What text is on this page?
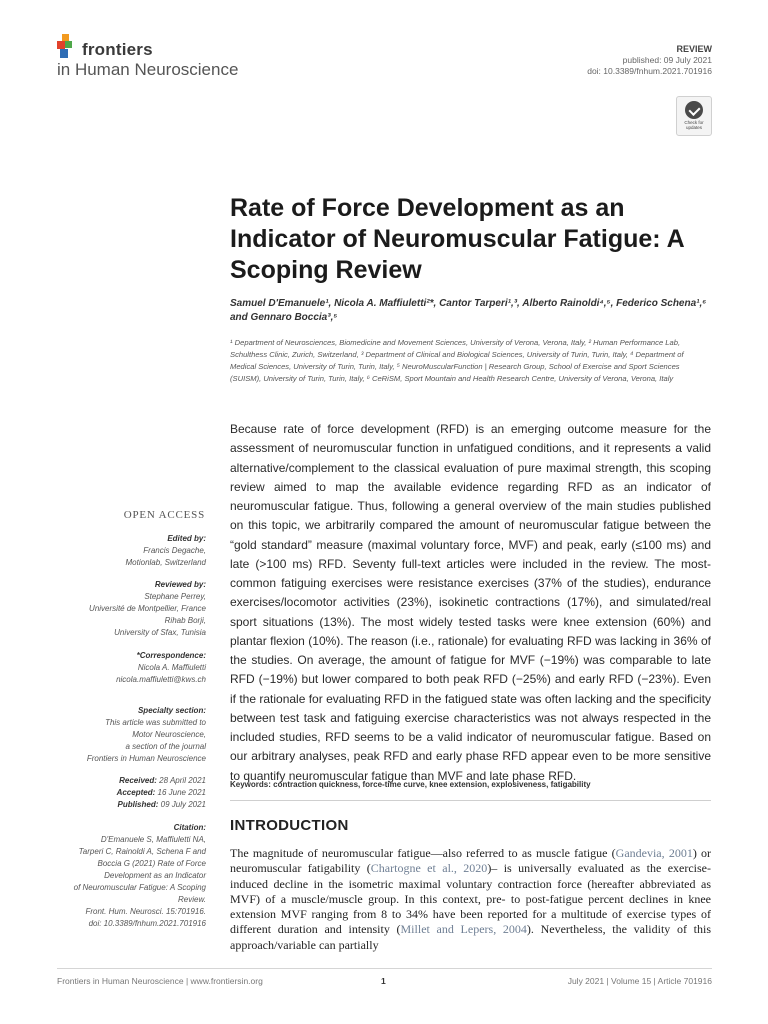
frontiers
in Human Neuroscience
REVIEW
published: 09 July 2021
doi: 10.3389/fnhum.2021.701916
Check for updates
Rate of Force Development as an Indicator of Neuromuscular Fatigue: A Scoping Review
Samuel D'Emanuele¹, Nicola A. Maffiuletti²*, Cantor Tarperi¹,³, Alberto Rainoldi⁴,⁵, Federico Schena¹,⁶ and Gennaro Boccia³,⁵
¹ Department of Neurosciences, Biomedicine and Movement Sciences, University of Verona, Verona, Italy, ² Human Performance Lab, Schulthess Clinic, Zurich, Switzerland, ³ Department of Clinical and Biological Sciences, University of Turin, Turin, Italy, ⁴ Department of Medical Sciences, University of Turin, Turin, Italy, ⁵ NeuroMuscularFunction | Research Group, School of Exercise and Sport Sciences (SUISM), University of Turin, Turin, Italy, ⁶ CeRiSM, Sport Mountain and Health Research Centre, University of Verona, Verona, Italy
Because rate of force development (RFD) is an emerging outcome measure for the assessment of neuromuscular function in unfatigued conditions, and it represents a valid alternative/complement to the classical evaluation of pure maximal strength, this scoping review aimed to map the available evidence regarding RFD as an indicator of neuromuscular fatigue. Thus, following a general overview of the main studies published on this topic, we arbitrarily compared the amount of neuromuscular fatigue between the “gold standard” measure (maximal voluntary force, MVF) and peak, early (≤100 ms) and late (>100 ms) RFD. Seventy full-text articles were included in the review. The most-common fatiguing exercises were resistance exercises (37% of the studies), endurance exercises/locomotor activities (23%), isokinetic contractions (17%), and simulated/real sport situations (13%). The most widely tested tasks were knee extension (60%) and plantar flexion (10%). The reason (i.e., rationale) for evaluating RFD was lacking in 36% of the studies. On average, the amount of fatigue for MVF (−19%) was comparable to late RFD (−19%) but lower compared to both peak RFD (−25%) and early RFD (−23%). Even if the rationale for evaluating RFD in the fatigued state was often lacking and the specificity between test task and fatiguing exercise characteristics was not always respected in the included studies, RFD seems to be a valid indicator of neuromuscular fatigue. Based on our arbitrary analyses, peak RFD and early phase RFD appear even to be more sensitive to quantify neuromuscular fatigue than MVF and late phase RFD.
Keywords: contraction quickness, force-time curve, knee extension, explosiveness, fatigability
INTRODUCTION
The magnitude of neuromuscular fatigue—also referred to as muscle fatigue (Gandevia, 2001) or neuromuscular fatigability (Chartogne et al., 2020)– is universally evaluated as the exercise-induced decline in the isometric maximal voluntary contraction force (hereafter abbreviated as MVF) of a muscle/muscle group. In this context, pre- to post-fatigue percent declines in knee extension MVF ranging from 8 to 34% have been reported for a multitude of exercise types of different duration and intensity (Millet and Lepers, 2004). Nevertheless, the validity of this approach/variable can partially
OPEN ACCESS
Edited by:
Francis Degache,
Motionlab, Switzerland
Reviewed by:
Stephane Perrey,
Université de Montpellier, France
Rihab Borji,
University of Sfax, Tunisia
*Correspondence:
Nicola A. Maffiuletti
nicola.maffiuletti@kws.ch
Specialty section:
This article was submitted to
Motor Neuroscience,
a section of the journal
Frontiers in Human Neuroscience
Received: 28 April 2021
Accepted: 16 June 2021
Published: 09 July 2021
Citation:
D'Emanuele S, Maffiuletti NA,
Tarperi C, Rainoldi A, Schena F and
Boccia G (2021) Rate of Force
Development as an Indicator
of Neuromuscular Fatigue: A Scoping
Review.
Front. Hum. Neurosci. 15:701916.
doi: 10.3389/fnhum.2021.701916
Frontiers in Human Neuroscience | www.frontiersin.org	1	July 2021 | Volume 15 | Article 701916
